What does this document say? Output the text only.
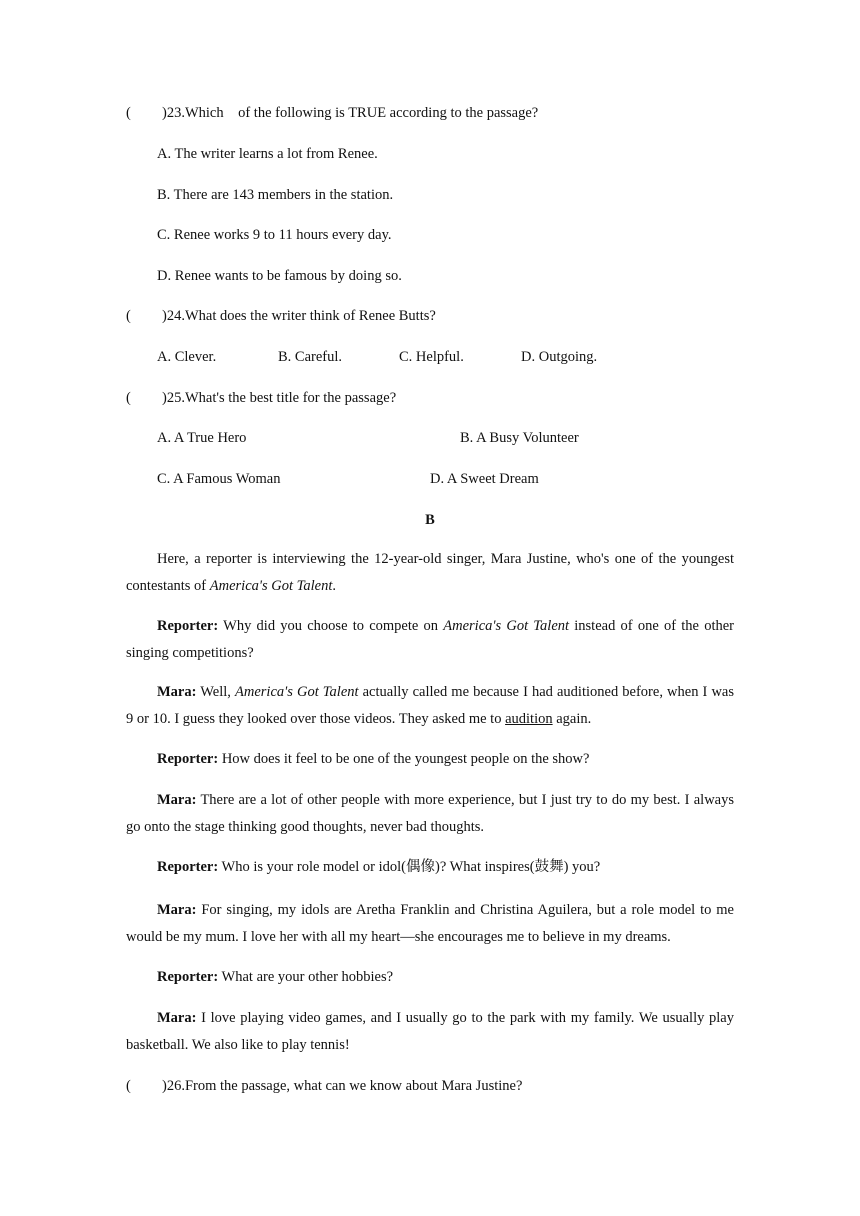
( )23.Which    of the following is TRUE according to the passage?
A. The writer learns a lot from Renee.
B. There are 143 members in the station.
C. Renee works 9 to 11 hours every day.
D. Renee wants to be famous by doing so.
( )24.What does the writer think of Renee Butts?
A. Clever.	B. Careful.	C. Helpful.	D. Outgoing.
( )25.What's the best title for the passage?
A. A True Hero	B. A Busy Volunteer
C. A Famous Woman	D. A Sweet Dream
B
Here, a reporter is interviewing the 12-year-old singer, Mara Justine, who's one of the youngest contestants of America's Got Talent.
Reporter: Why did you choose to compete on America's Got Talent instead of one of the other singing competitions?
Mara: Well, America's Got Talent actually called me because I had auditioned before, when I was 9 or 10. I guess they looked over those videos. They asked me to audition again.
Reporter: How does it feel to be one of the youngest people on the show?
Mara: There are a lot of other people with more experience, but I just try to do my best. I always go onto the stage thinking good thoughts, never bad thoughts.
Reporter: Who is your role model or idol(偶像)? What inspires(鼓舞) you?
Mara: For singing, my idols are Aretha Franklin and Christina Aguilera, but a role model to me would be my mum. I love her with all my heart—she encourages me to believe in my dreams.
Reporter: What are your other hobbies?
Mara: I love playing video games, and I usually go to the park with my family. We usually play basketball. We also like to play tennis!
( )26.From the passage, what can we know about Mara Justine?
